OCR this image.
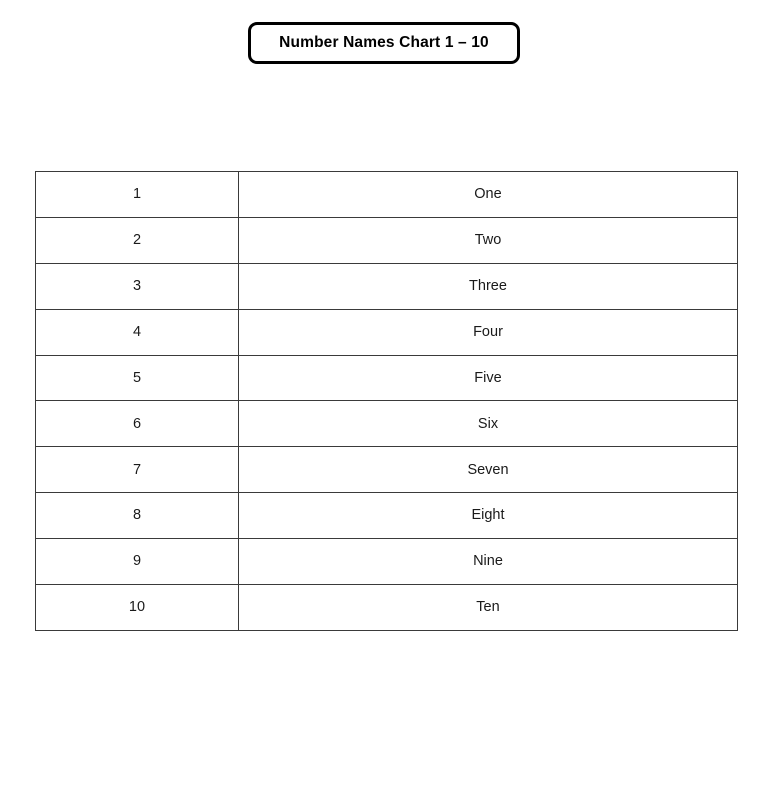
Number Names Chart 1 – 10
1	One
2	Two
3	Three
4	Four
5	Five
6	Six
7	Seven
8	Eight
9	Nine
10	Ten
